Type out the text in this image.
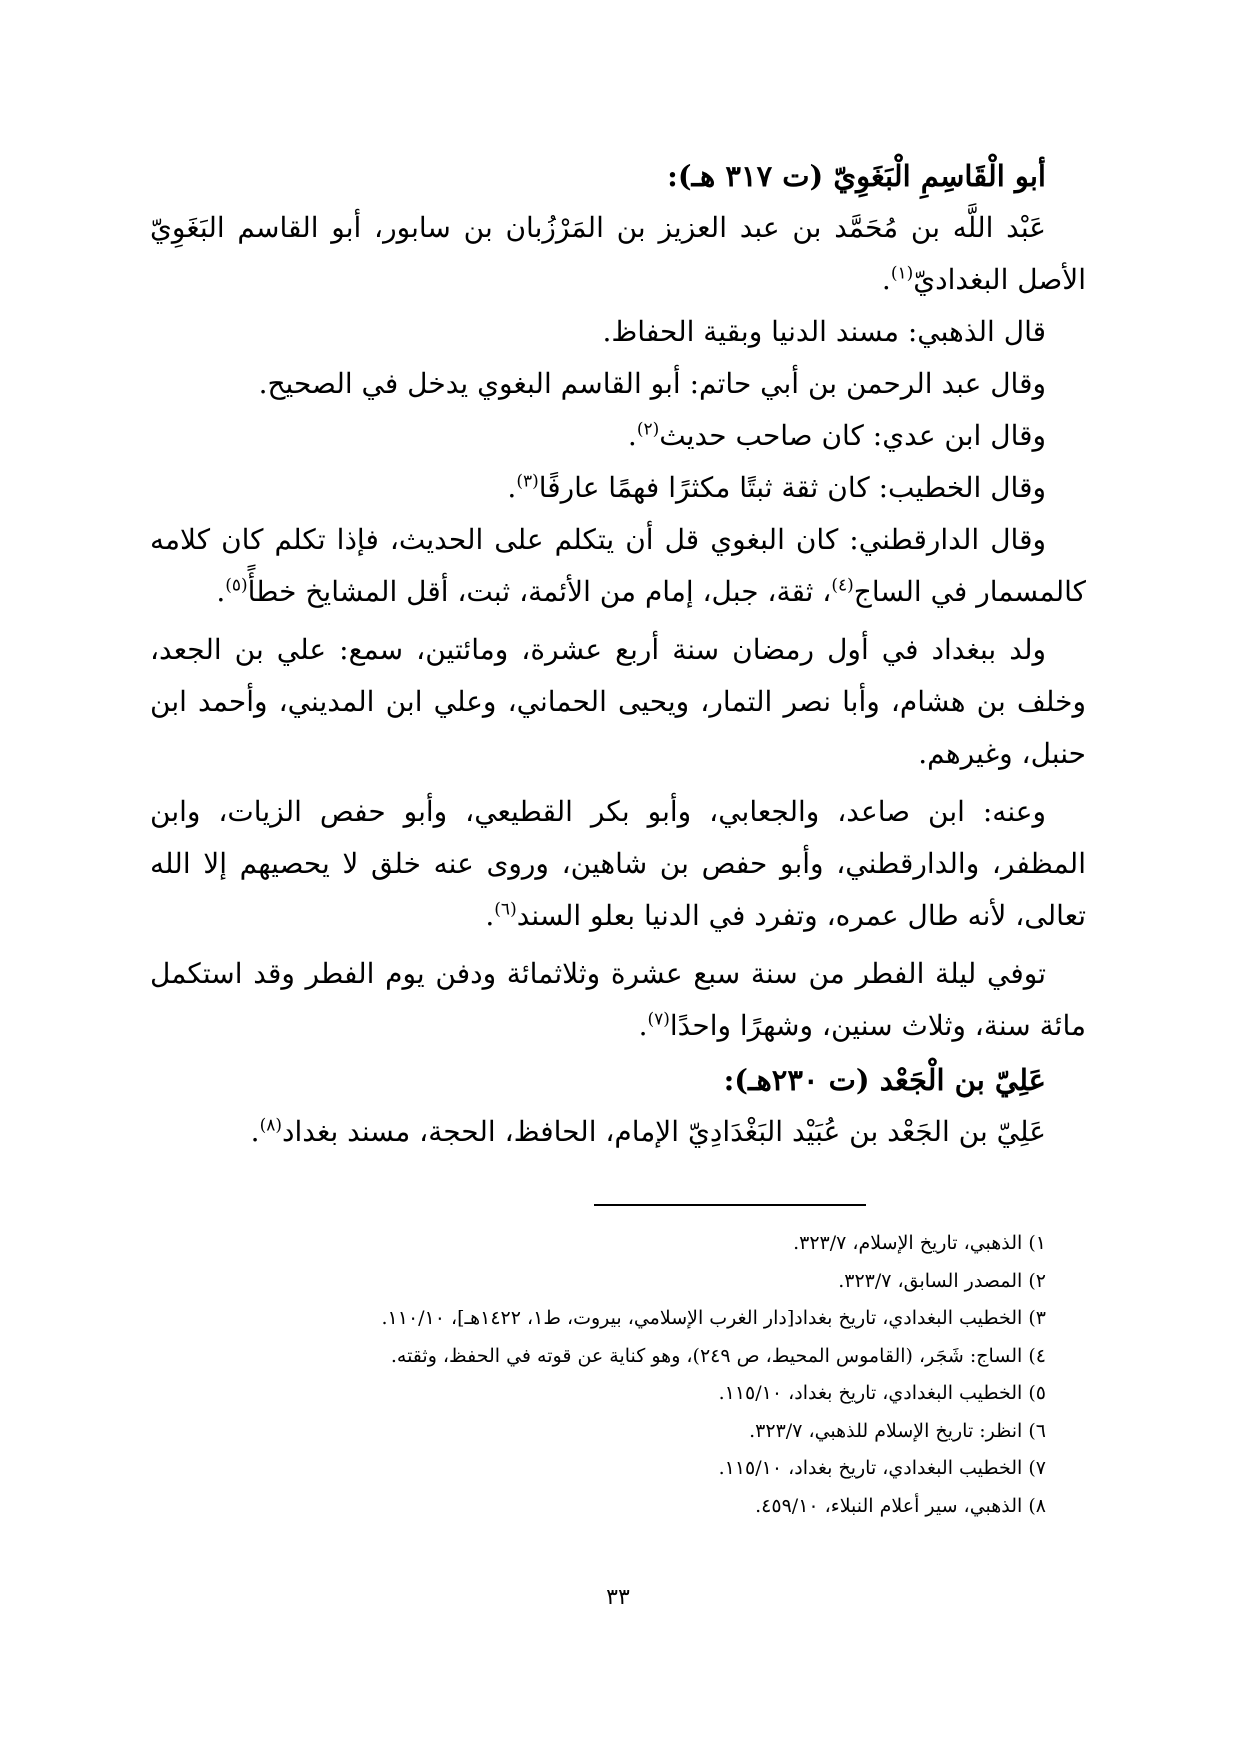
أبو الْقَاسِمِ الْبَغَوِيّ (ت ٣١٧ هـ):

عَبْد اللَّه بن مُحَمَّد بن عبد العزيز بن المَرْزُبان بن سابور، أبو القاسم البَغَوِيّ الأصل البغداديّ$^{(١)}$.

قال الذهبي: مسند الدنيا وبقية الحفاظ.

وقال عبد الرحمن بن أبي حاتم: أبو القاسم البغوي يدخل في الصحيح.

وقال ابن عدي: كان صاحب حديث$^{(٢)}$.

وقال الخطيب: كان ثقة ثبتًا مكثرًا فهمًا عارفًا$^{(٣)}$.

وقال الدارقطني: كان البغوي قل أن يتكلم على الحديث، فإذا تكلم كان كلامه كالمسمار في الساج$^{(٤)}$، ثقة، جبل، إمام من الأئمة، ثبت، أقل المشايخ خطأً$^{(٥)}$.

ولد ببغداد في أول رمضان سنة أربع عشرة، ومائتين، سمع: علي بن الجعد، وخلف بن هشام، وأبا نصر التمار، ويحيى الحماني، وعلي ابن المديني، وأحمد ابن حنبل، وغيرهم.

وعنه: ابن صاعد، والجعابي، وأبو بكر القطيعي، وأبو حفص الزيات، وابن المظفر، والدارقطني، وأبو حفص بن شاهين، وروى عنه خلق لا يحصيهم إلا الله تعالى، لأنه طال عمره، وتفرد في الدنيا بعلو السند$^{(٦)}$.

توفي ليلة الفطر من سنة سبع عشرة وثلاثمائة ودفن يوم الفطر وقد استكمل مائة سنة، وثلاث سنين، وشهرًا واحدًا$^{(٧)}$.

عَلِيّ بن الْجَعْد (ت ٢٣٠هـ):

عَلِيّ بن الجَعْد بن عُبَيْد البَغْدَادِيّ الإمام، الحافظ، الحجة، مسند بغداد$^{(٨)}$.

١) الذهبي، تاريخ الإسلام، ٣٢٣/٧.
٢) المصدر السابق، ٣٢٣/٧.
٣) الخطيب البغدادي، تاريخ بغداد[دار الغرب الإسلامي، بيروت، ط١، ١٤٢٢هـ]، ١١٠/١٠.
٤) الساج: شَجَر، (القاموس المحيط، ص ٢٤٩)، وهو كناية عن قوته في الحفظ، وثقته.
٥) الخطيب البغدادي، تاريخ بغداد، ١١٥/١٠.
٦) انظر: تاريخ الإسلام للذهبي، ٣٢٣/٧.
٧) الخطيب البغدادي، تاريخ بغداد، ١١٥/١٠.
٨) الذهبي، سير أعلام النبلاء، ٤٥٩/١٠.
٣٣
